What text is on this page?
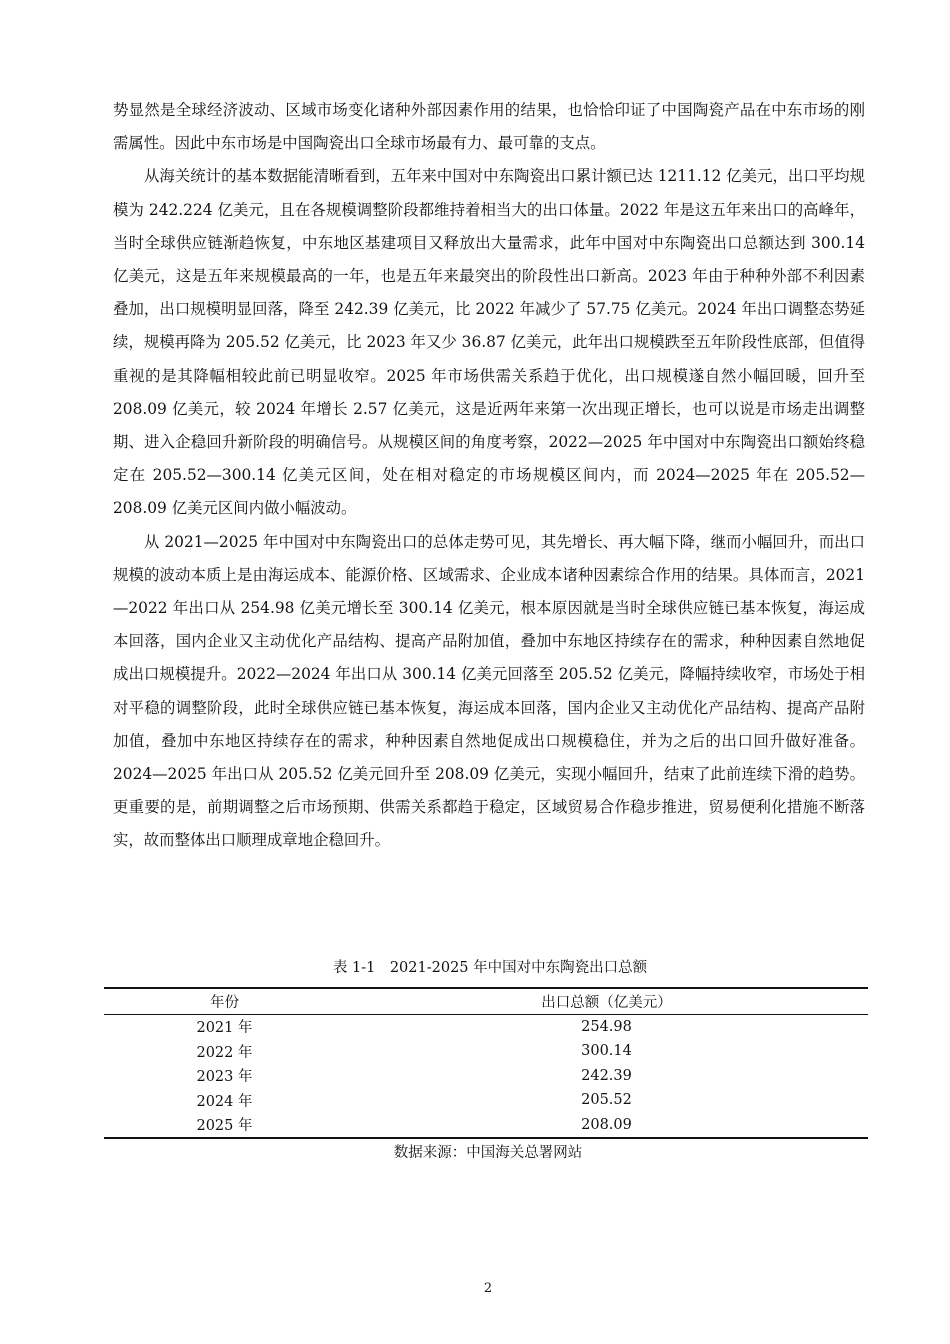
势显然是全球经济波动、区域市场变化诸种外部因素作用的结果，也恰恰印证了中国陶瓷产品在中东市场的刚需属性。因此中东市场是中国陶瓷出口全球市场最有力、最可靠的支点。

从海关统计的基本数据能清晰看到，五年来中国对中东陶瓷出口累计额已达 1211.12 亿美元，出口平均规模为 242.224 亿美元，且在各规模调整阶段都维持着相当大的出口体量。2022 年是这五年来出口的高峰年，当时全球供应链渐趋恢复，中东地区基建项目又释放出大量需求，此年中国对中东陶瓷出口总额达到 300.14 亿美元，这是五年来规模最高的一年，也是五年来最突出的阶段性出口新高。2023 年由于种种外部不利因素叠加，出口规模明显回落，降至 242.39 亿美元，比 2022 年减少了 57.75 亿美元。2024 年出口调整态势延续，规模再降为 205.52 亿美元，比 2023 年又少 36.87 亿美元，此年出口规模跌至五年阶段性底部，但值得重视的是其降幅相较此前已明显收窄。2025 年市场供需关系趋于优化，出口规模遂自然小幅回暖，回升至 208.09 亿美元，较 2024 年增长 2.57 亿美元，这是近两年来第一次出现正增长，也可以说是市场走出调整期、进入企稳回升新阶段的明确信号。从规模区间的角度考察，2022—2025 年中国对中东陶瓷出口额始终稳定在 205.52—300.14 亿美元区间，处在相对稳定的市场规模区间内，而 2024—2025 年在 205.52—208.09 亿美元区间内做小幅波动。

从 2021—2025 年中国对中东陶瓷出口的总体走势可见，其先增长、再大幅下降，继而小幅回升，而出口规模的波动本质上是由海运成本、能源价格、区域需求、企业成本诸种因素综合作用的结果。具体而言，2021—2022 年出口从 254.98 亿美元增长至 300.14 亿美元，根本原因就是当时全球供应链已基本恢复，海运成本回落，国内企业又主动优化产品结构、提高产品附加值，叠加中东地区持续存在的需求，种种因素自然地促成出口规模提升。2022—2024 年出口从 300.14 亿美元回落至 205.52 亿美元，降幅持续收窄，市场处于相对平稳的调整阶段，此时全球供应链已基本恢复，海运成本回落，国内企业又主动优化产品结构、提高产品附加值，叠加中东地区持续存在的需求，种种因素自然地促成出口规模稳住，并为之后的出口回升做好准备。2024—2025 年出口从 205.52 亿美元回升至 208.09 亿美元，实现小幅回升，结束了此前连续下滑的趋势。更重要的是，前期调整之后市场预期、供需关系都趋于稳定，区域贸易合作稳步推进，贸易便利化措施不断落实，故而整体出口顺理成章地企稳回升。

表 1-1　2021-2025 年中国对中东陶瓷出口总额
年份	出口总额（亿美元）
2021 年	254.98
2022 年	300.14
2023 年	242.39
2024 年	205.52
2025 年	208.09
数据来源：中国海关总署网站
2
